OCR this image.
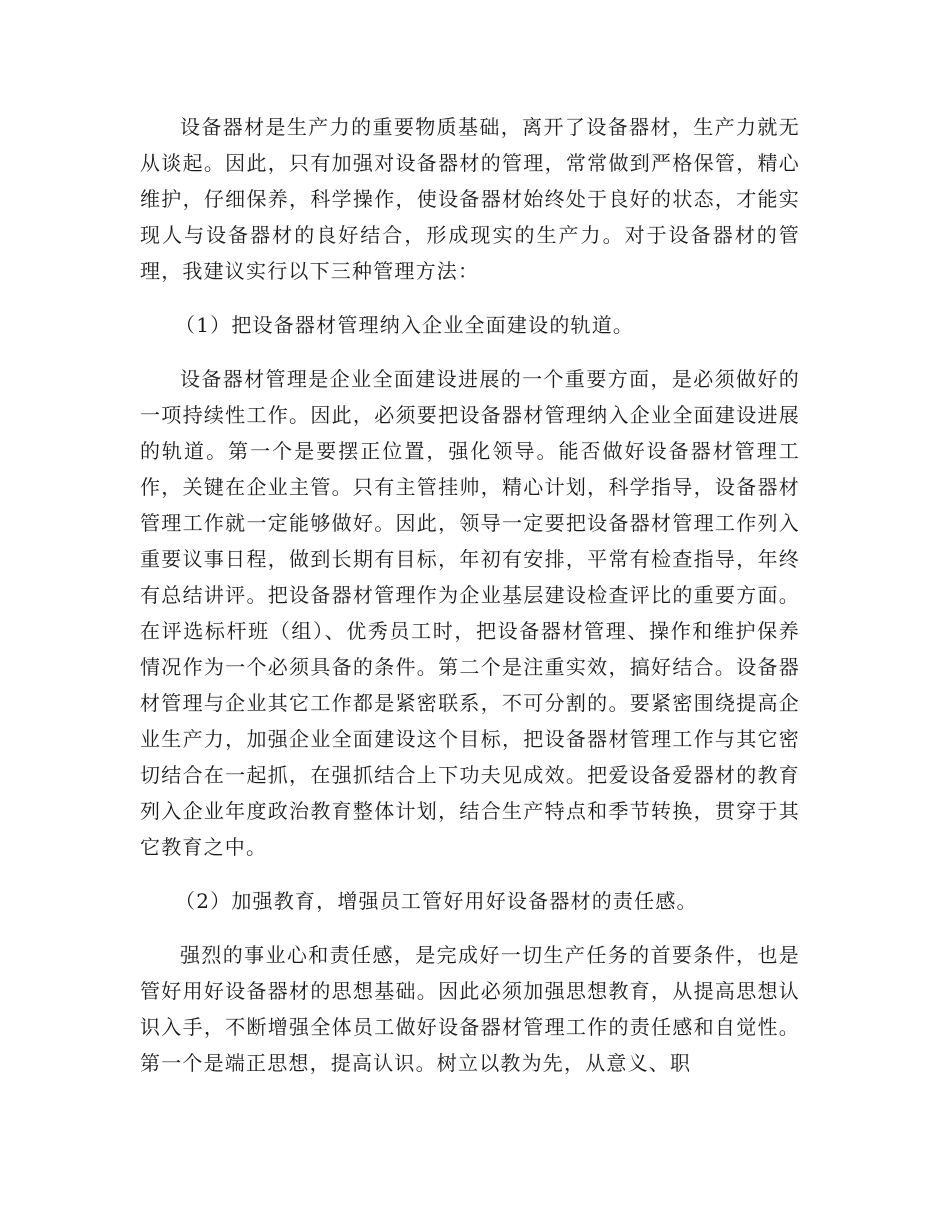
设备器材是生产力的重要物质基础，离开了设备器材，生产力就无从谈起。因此，只有加强对设备器材的管理，常常做到严格保管，精心维护，仔细保养，科学操作，使设备器材始终处于良好的状态，才能实现人与设备器材的良好结合，形成现实的生产力。对于设备器材的管理，我建议实行以下三种管理方法：

（1）把设备器材管理纳入企业全面建设的轨道。

设备器材管理是企业全面建设进展的一个重要方面，是必须做好的一项持续性工作。因此，必须要把设备器材管理纳入企业全面建设进展的轨道。第一个是要摆正位置，强化领导。能否做好设备器材管理工作，关键在企业主管。只有主管挂帅，精心计划，科学指导，设备器材管理工作就一定能够做好。因此，领导一定要把设备器材管理工作列入重要议事日程，做到长期有目标，年初有安排，平常有检查指导，年终有总结讲评。把设备器材管理作为企业基层建设检查评比的重要方面。在评选标杆班（组）、优秀员工时，把设备器材管理、操作和维护保养情况作为一个必须具备的条件。第二个是注重实效，搞好结合。设备器材管理与企业其它工作都是紧密联系，不可分割的。要紧密围绕提高企业生产力，加强企业全面建设这个目标，把设备器材管理工作与其它密切结合在一起抓，在强抓结合上下功夫见成效。把爱设备爱器材的教育列入企业年度政治教育整体计划，结合生产特点和季节转换，贯穿于其它教育之中。

（2）加强教育，增强员工管好用好设备器材的责任感。

强烈的事业心和责任感，是完成好一切生产任务的首要条件，也是管好用好设备器材的思想基础。因此必须加强思想教育，从提高思想认识入手，不断增强全体员工做好设备器材管理工作的责任感和自觉性。第一个是端正思想，提高认识。树立以教为先，从意义、职
